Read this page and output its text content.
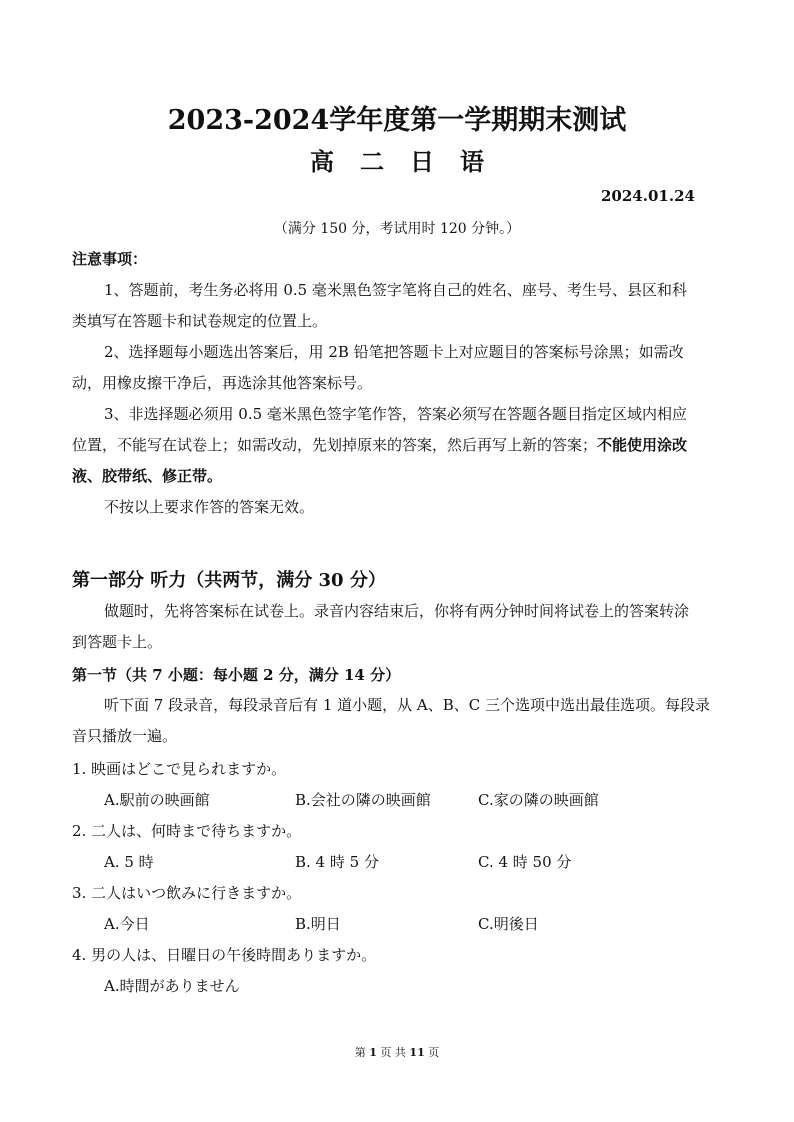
2023-2024学年度第一学期期末测试
高二日语
2024.01.24
（满分 150 分，考试用时 120 分钟。）
注意事项：
1、答题前，考生务必将用 0.5 毫米黑色签字笔将自己的姓名、座号、考生号、县区和科
类填写在答题卡和试卷规定的位置上。
2、选择题每小题选出答案后，用 2B 铅笔把答题卡上对应题目的答案标号涂黑；如需改
动，用橡皮擦干净后，再选涂其他答案标号。
3、非选择题必须用 0.5 毫米黑色签字笔作答，答案必须写在答题各题目指定区域内相应
位置，不能写在试卷上；如需改动，先划掉原来的答案，然后再写上新的答案；不能使用涂改
液、胶带纸、修正带。
不按以上要求作答的答案无效。
第一部分 听力（共两节，满分 30 分）
做题时，先将答案标在试卷上。录音内容结束后，你将有两分钟时间将试卷上的答案转涂
到答题卡上。
第一节（共 7 小题：每小题 2 分，满分 14 分）
听下面 7 段录音，每段录音后有 1 道小题，从 A、B、C 三个选项中选出最佳选项。每段录
音只播放一遍。
1. 映画はどこで見られますか。
A.駅前の映画館	B.会社の隣の映画館	C.家の隣の映画館
2. 二人は、何時まで待ちますか。
A. 5 時	B. 4 時 5 分	C. 4 時 50 分
3. 二人はいつ飲みに行きますか。
A.今日	B.明日	C.明後日
4. 男の人は、日曜日の午後時間ありますか。
A.時間がありません
第 1 页 共 11 页
